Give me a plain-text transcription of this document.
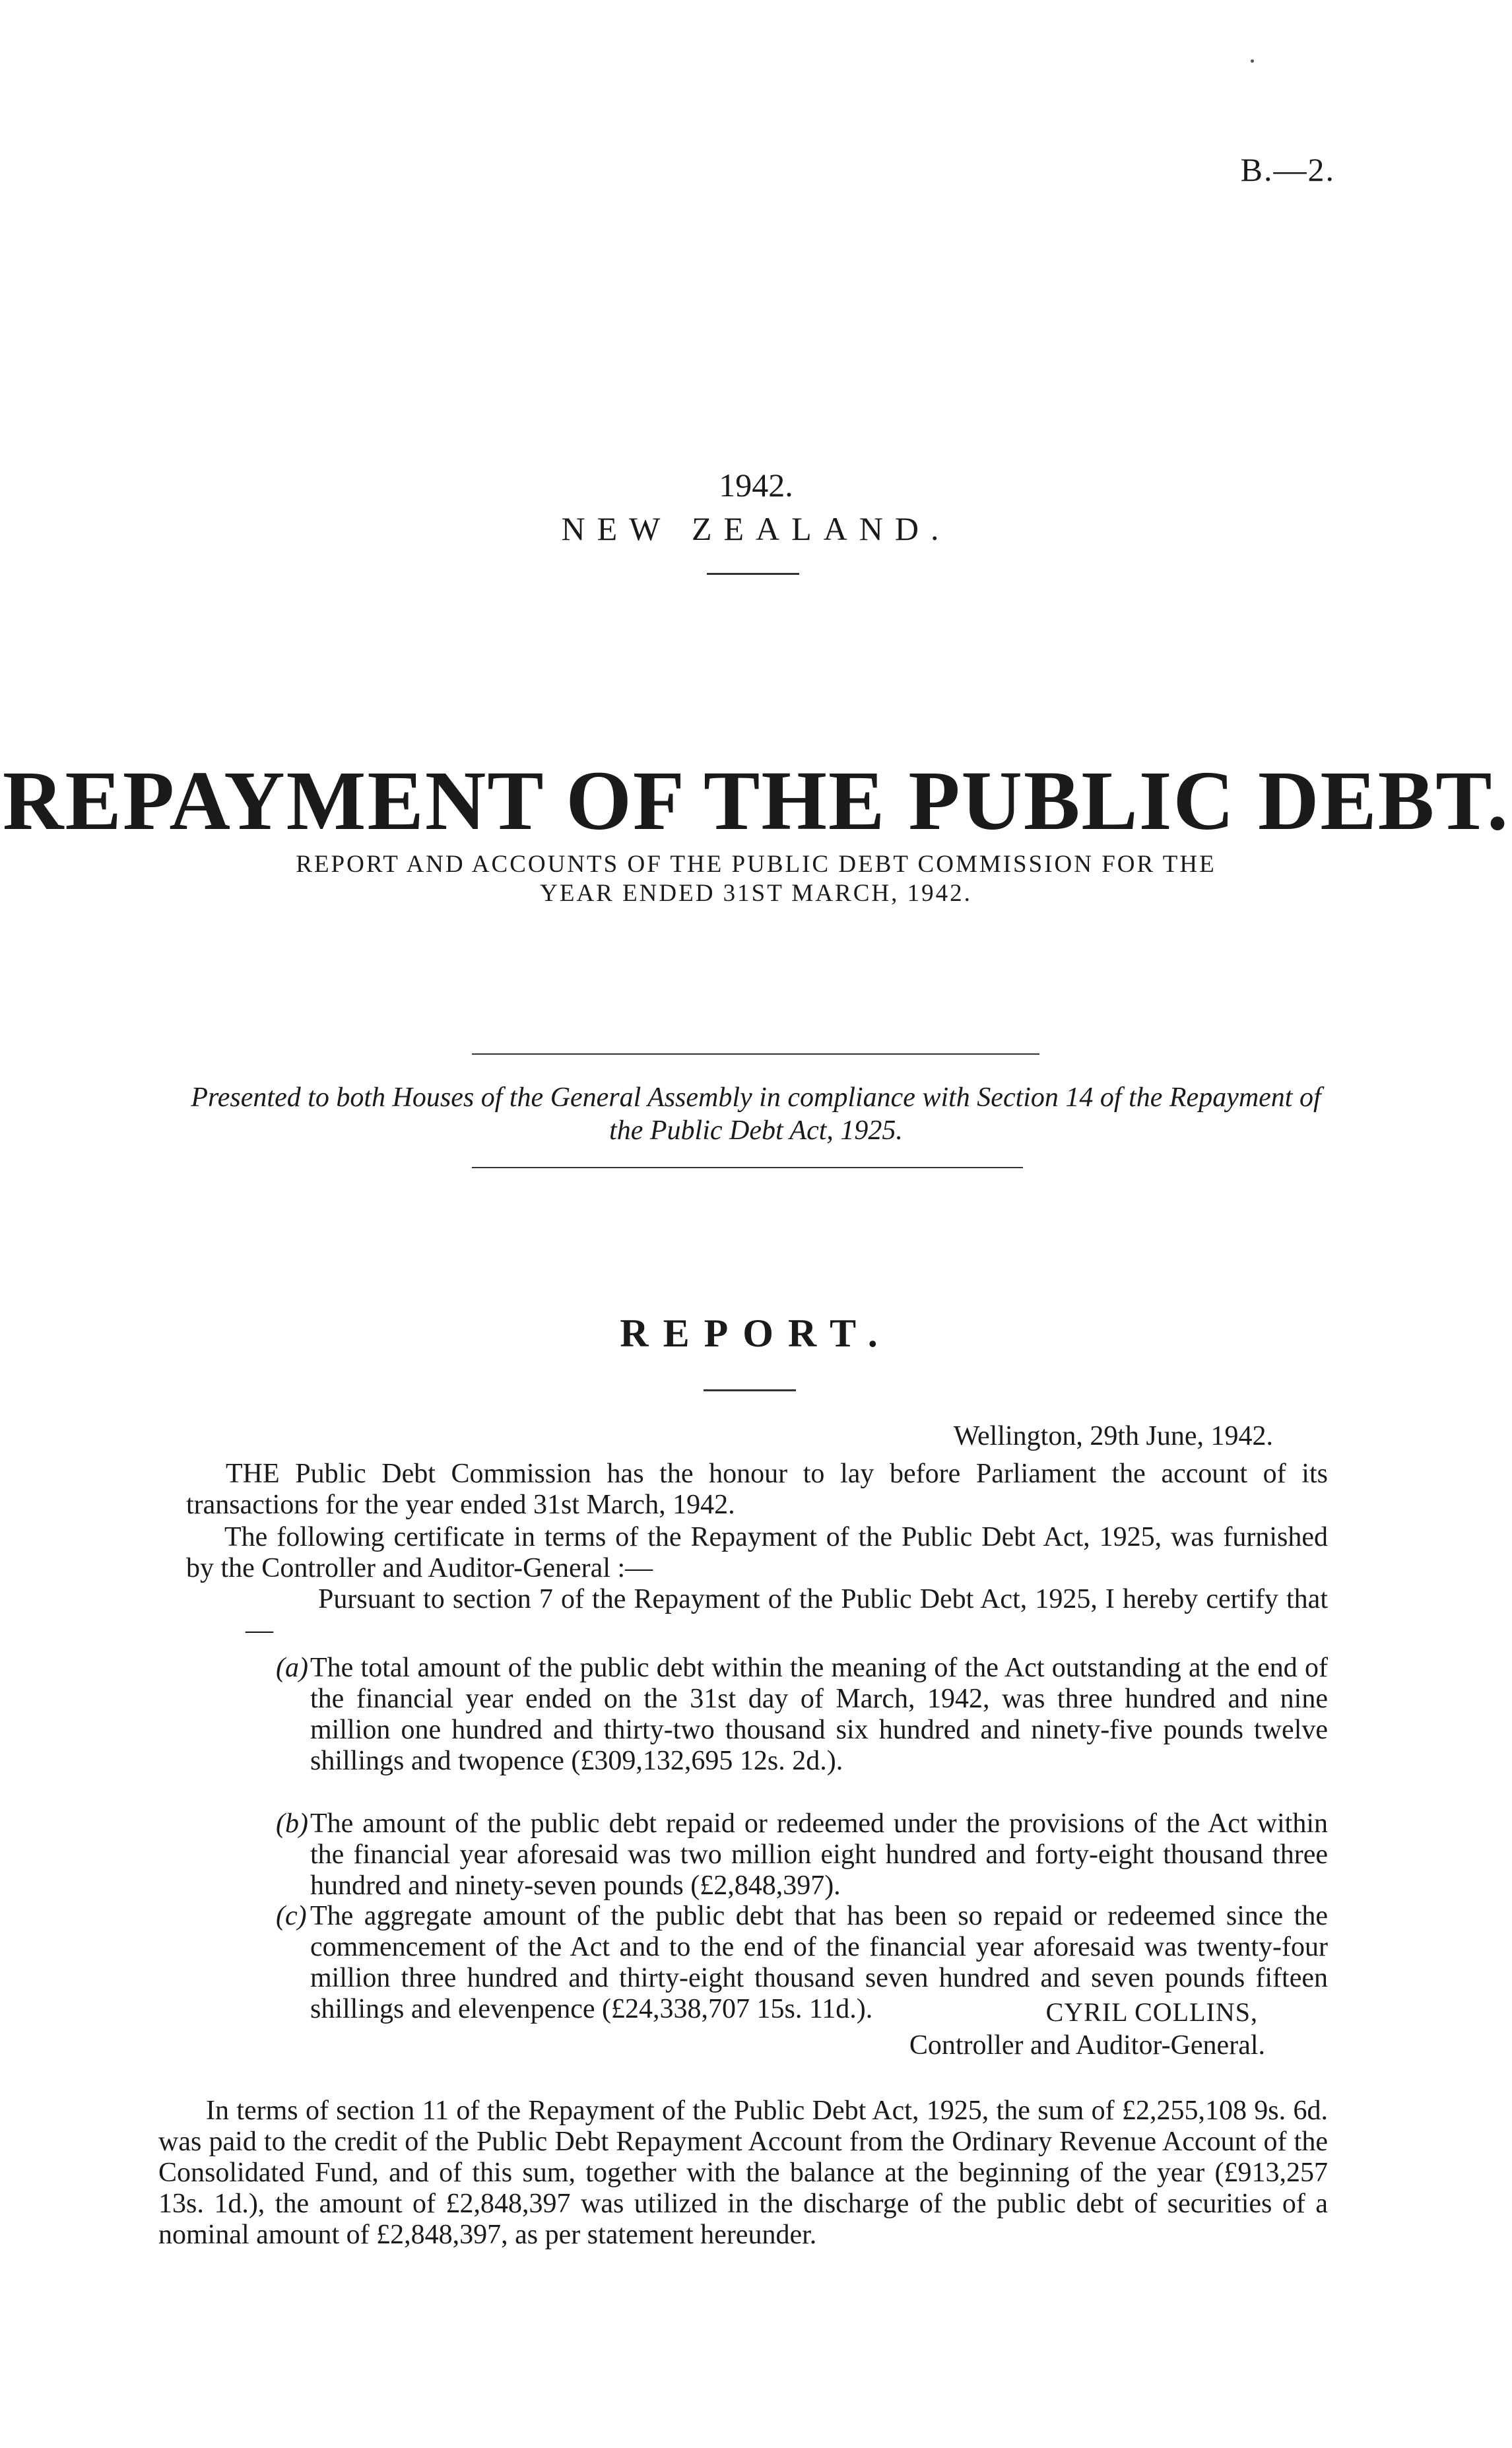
B.—2.
1942.
NEW ZEALAND.
REPAYMENT OF THE PUBLIC DEBT.
REPORT AND ACCOUNTS OF THE PUBLIC DEBT COMMISSION FOR THE YEAR ENDED 31ST MARCH, 1942.
Presented to both Houses of the General Assembly in compliance with Section 14 of the Repayment of the Public Debt Act, 1925.
REPORT.
Wellington, 29th June, 1942.
THE Public Debt Commission has the honour to lay before Parliament the account of its transactions for the year ended 31st March, 1942.
The following certificate in terms of the Repayment of the Public Debt Act, 1925, was furnished by the Controller and Auditor-General :—
Pursuant to section 7 of the Repayment of the Public Debt Act, 1925, I hereby certify that—
(a) The total amount of the public debt within the meaning of the Act outstanding at the end of the financial year ended on the 31st day of March, 1942, was three hundred and nine million one hundred and thirty-two thousand six hundred and ninety-five pounds twelve shillings and twopence (£309,132,695 12s. 2d.).
(b) The amount of the public debt repaid or redeemed under the provisions of the Act within the financial year aforesaid was two million eight hundred and forty-eight thousand three hundred and ninety-seven pounds (£2,848,397).
(c) The aggregate amount of the public debt that has been so repaid or redeemed since the commencement of the Act and to the end of the financial year aforesaid was twenty-four million three hundred and thirty-eight thousand seven hundred and seven pounds fifteen shillings and elevenpence (£24,338,707 15s. 11d.).	CYRIL COLLINS,
Controller and Auditor-General.
In terms of section 11 of the Repayment of the Public Debt Act, 1925, the sum of £2,255,108 9s. 6d. was paid to the credit of the Public Debt Repayment Account from the Ordinary Revenue Account of the Consolidated Fund, and of this sum, together with the balance at the beginning of the year (£913,257 13s. 1d.), the amount of £2,848,397 was utilized in the discharge of the public debt of securities of a nominal amount of £2,848,397, as per statement hereunder.
